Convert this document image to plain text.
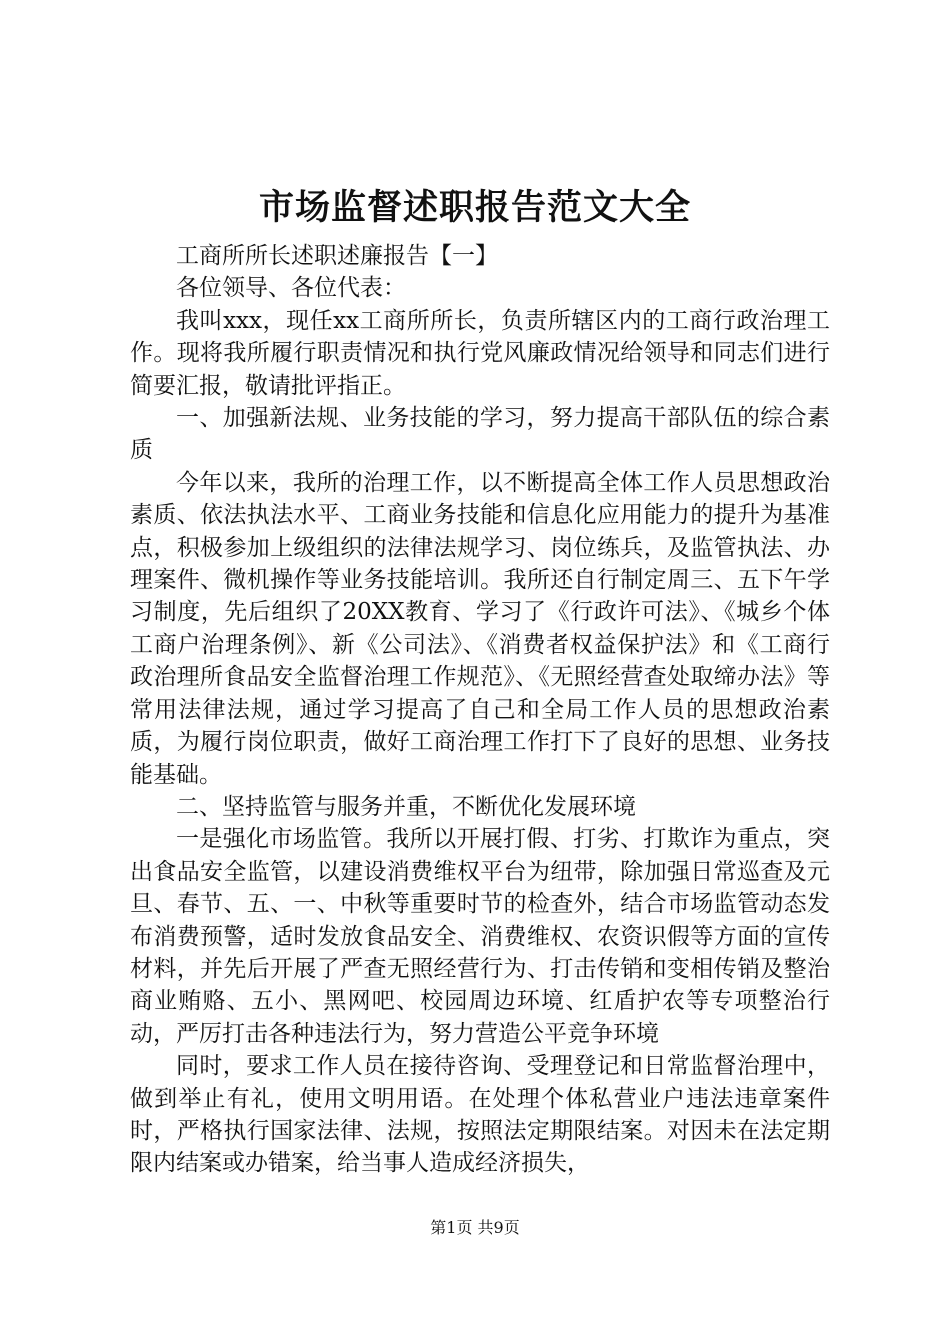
市场监督述职报告范文大全

工商所所长述职述廉报告【一】

各位领导、各位代表：

我叫xxx，现任xx工商所所长，负责所辖区内的工商行政治理工作。现将我所履行职责情况和执行党风廉政情况给领导和同志们进行简要汇报，敬请批评指正。

一、加强新法规、业务技能的学习，努力提高干部队伍的综合素质

今年以来，我所的治理工作，以不断提高全体工作人员思想政治素质、依法执法水平、工商业务技能和信息化应用能力的提升为基准点，积极参加上级组织的法律法规学习、岗位练兵，及监管执法、办理案件、微机操作等业务技能培训。我所还自行制定周三、五下午学习制度，先后组织了20XX教育、学习了《行政许可法》、《城乡个体工商户治理条例》、新《公司法》、《消费者权益保护法》和《工商行政治理所食品安全监督治理工作规范》、《无照经营查处取缔办法》等常用法律法规，通过学习提高了自己和全局工作人员的思想政治素质，为履行岗位职责，做好工商治理工作打下了良好的思想、业务技能基础。

二、坚持监管与服务并重，不断优化发展环境

一是强化市场监管。我所以开展打假、打劣、打欺诈为重点，突出食品安全监管，以建设消费维权平台为纽带，除加强日常巡查及元旦、春节、五、一、中秋等重要时节的检查外，结合市场监管动态发布消费预警，适时发放食品安全、消费维权、农资识假等方面的宣传材料，并先后开展了严查无照经营行为、打击传销和变相传销及整治商业贿赂、五小、黑网吧、校园周边环境、红盾护农等专项整治行动，严厉打击各种违法行为，努力营造公平竞争环境

同时，要求工作人员在接待咨询、受理登记和日常监督治理中，做到举止有礼，使用文明用语。在处理个体私营业户违法违章案件时，严格执行国家法律、法规，按照法定期限结案。对因未在法定期限内结案或办错案，给当事人造成经济损失，

第1页 共9页
